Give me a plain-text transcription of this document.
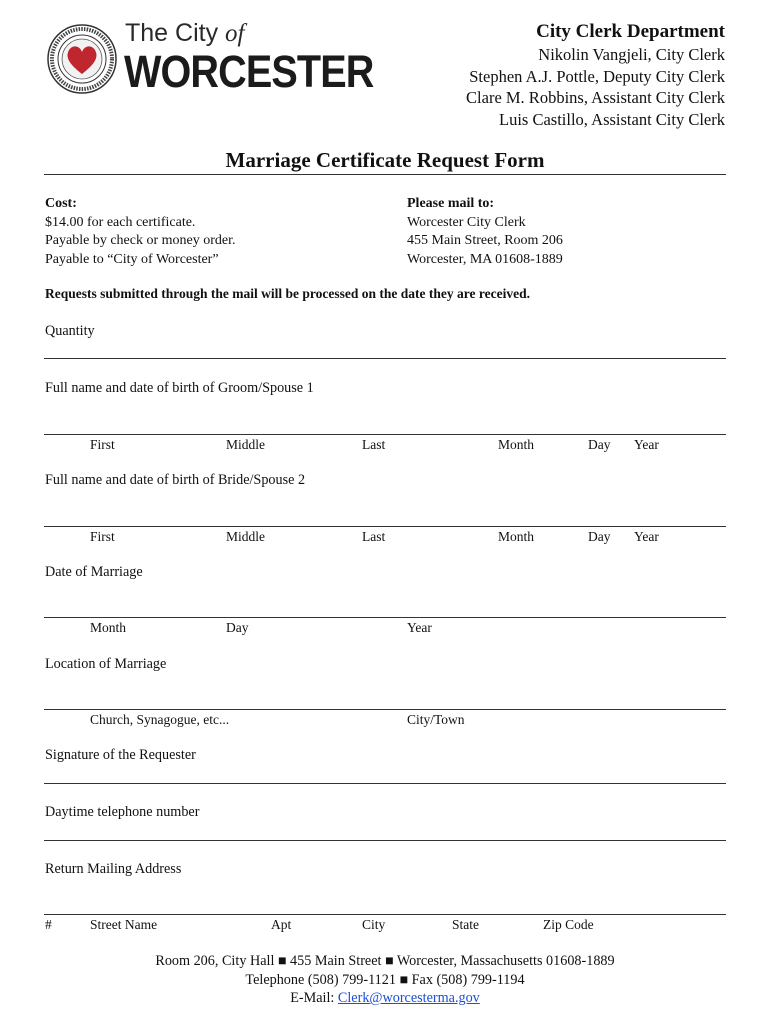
The City of
WORCESTER
City Clerk Department
Nikolin Vangjeli, City Clerk
Stephen A.J. Pottle, Deputy City Clerk
Clare M. Robbins, Assistant City Clerk
Luis Castillo, Assistant City Clerk
Marriage Certificate Request Form
Cost:
$14.00 for each certificate.
Payable by check or money order.
Payable to “City of Worcester”
Please mail to:
Worcester City Clerk
455 Main Street, Room 206
Worcester, MA 01608-1889
Requests submitted through the mail will be processed on the date they are received.
Quantity
Full name and date of birth of Groom/Spouse 1
First	Middle	Last	Month	Day Year
Full name and date of birth of Bride/Spouse 2
First	Middle	Last	Month	Day Year
Date of Marriage
Month	Day	Year
Location of Marriage
Church, Synagogue, etc...	City/Town
Signature of the Requester
Daytime telephone number
Return Mailing Address
#	Street Name	Apt	City	State	Zip Code
Room 206, City Hall ■ 455 Main Street ■ Worcester, Massachusetts 01608-1889
Telephone (508) 799-1121 ■ Fax (508) 799-1194
E-Mail: Clerk@worcesterma.gov
